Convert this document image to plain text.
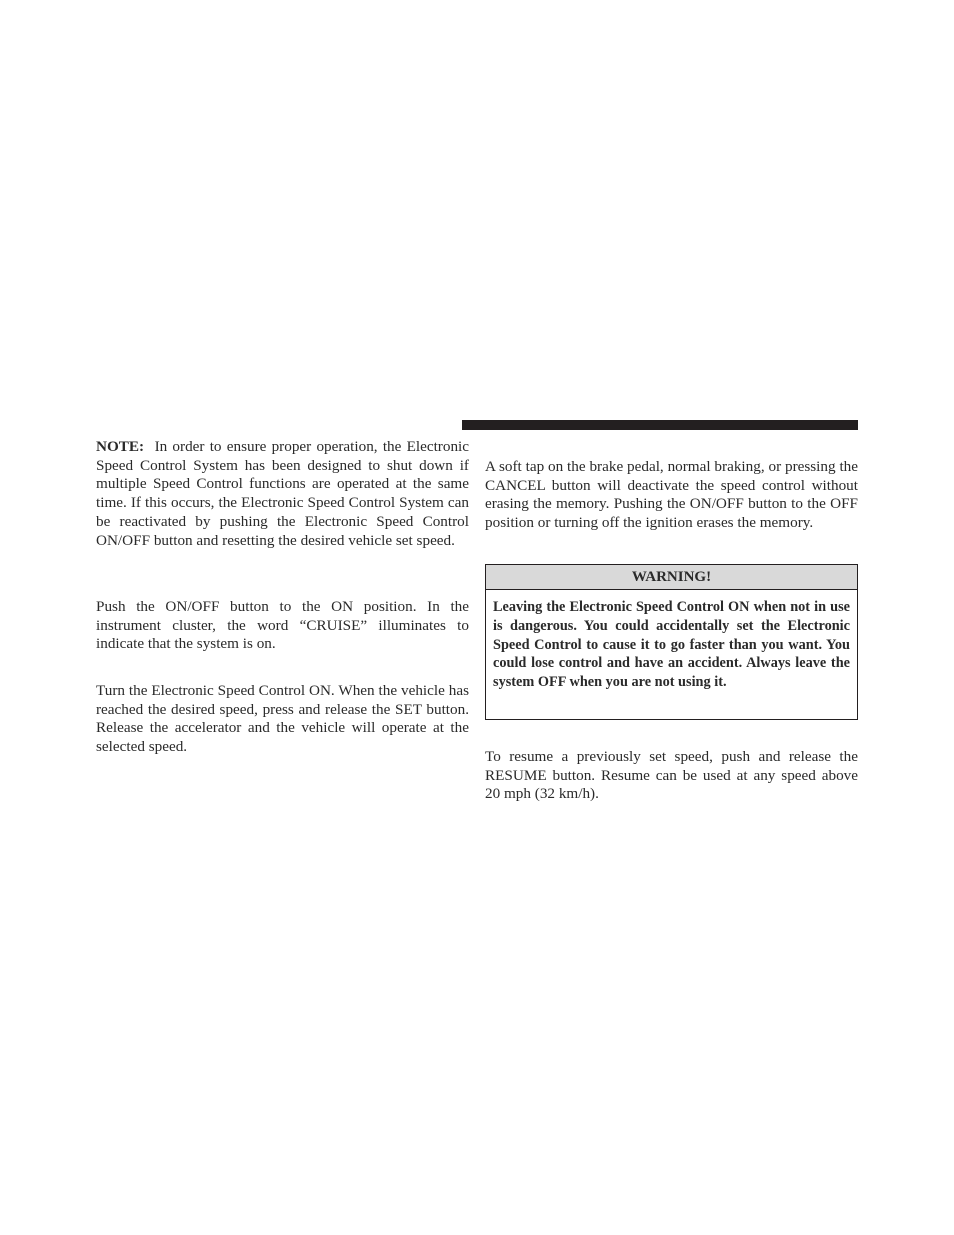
NOTE: In order to ensure proper operation, the Electronic Speed Control System has been designed to shut down if multiple Speed Control functions are operated at the same time. If this occurs, the Electronic Speed Control System can be reactivated by pushing the Electronic Speed Control ON/OFF button and resetting the desired vehicle set speed.

Push the ON/OFF button to the ON position. In the instrument cluster, the word “CRUISE” illuminates to indicate that the system is on.

Turn the Electronic Speed Control ON. When the vehicle has reached the desired speed, press and release the SET button. Release the accelerator and the vehicle will operate at the selected speed.

A soft tap on the brake pedal, normal braking, or pressing the CANCEL button will deactivate the speed control without erasing the memory. Pushing the ON/OFF button to the OFF position or turning off the ignition erases the memory.

To resume a previously set speed, push and release the RESUME button. Resume can be used at any speed above 20 mph (32 km/h).

WARNING!
Leaving the Electronic Speed Control ON when not in use is dangerous. You could accidentally set the Electronic Speed Control to cause it to go faster than you want. You could lose control and have an accident. Always leave the system OFF when you are not using it.
